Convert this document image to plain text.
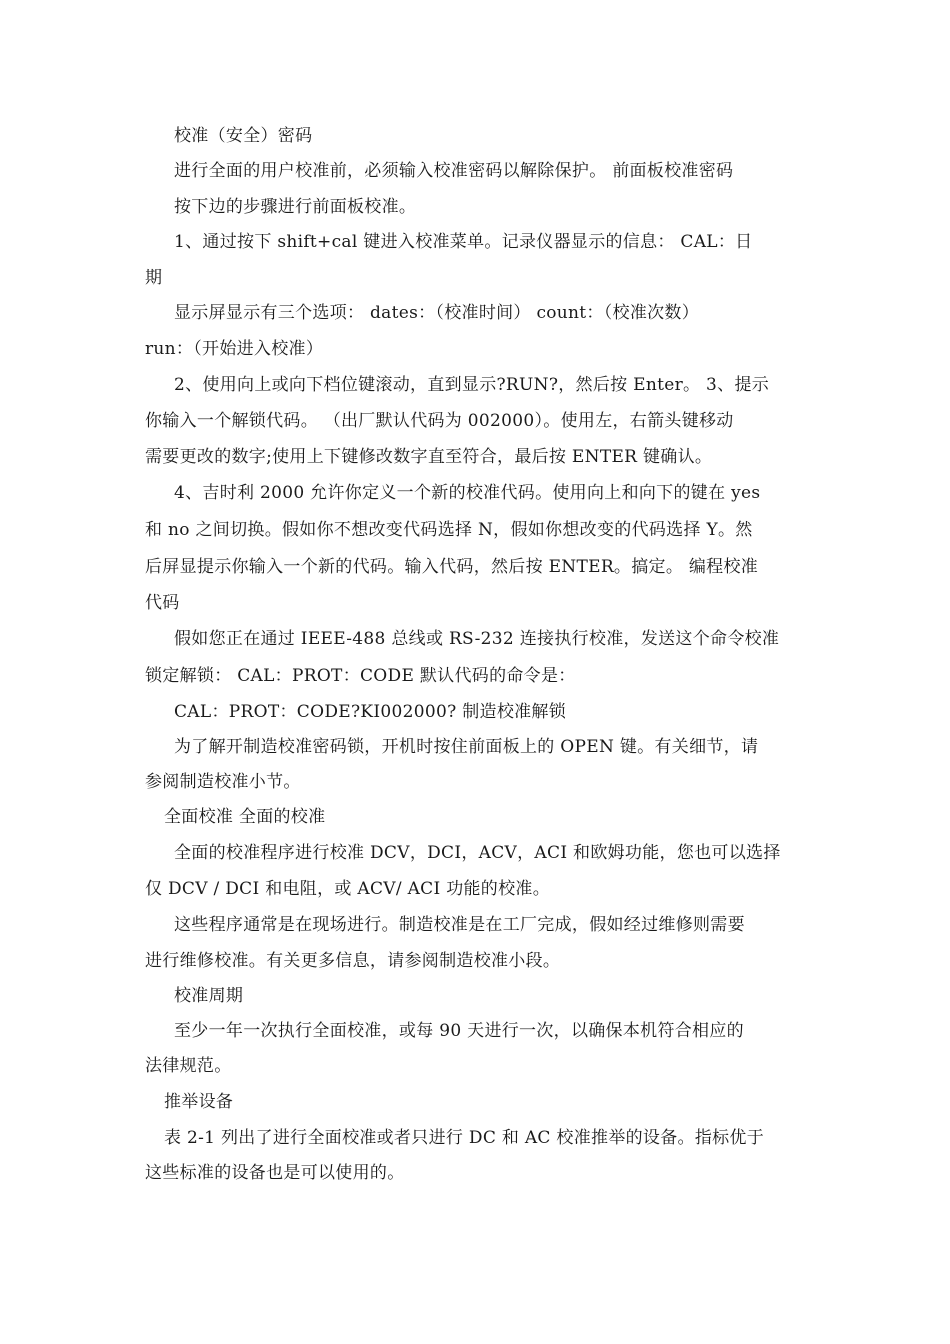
校准（安全）密码
进行全面的用户校准前，必须输入校准密码以解除保护。 前面板校准密码
按下边的步骤进行前面板校准。
1、通过按下 shift+cal 键进入校准菜单。记录仪器显示的信息： CAL：日
期
显示屏显示有三个选项： dates：（校准时间） count：（校准次数）
run：（开始进入校准）
2、使用向上或向下档位键滚动，直到显示?RUN?，然后按 Enter。 3、提示
你输入一个解锁代码。 （出厂默认代码为 002000）。使用左，右箭头键移动
需要更改的数字;使用上下键修改数字直至符合，最后按 ENTER 键确认。
4、吉时利 2000 允许你定义一个新的校准代码。使用向上和向下的键在 yes
和 no 之间切换。假如你不想改变代码选择 N，假如你想改变的代码选择 Y。然
后屏显提示你输入一个新的代码。输入代码，然后按 ENTER。搞定。 编程校准
代码
假如您正在通过 IEEE-488 总线或 RS-232 连接执行校准，发送这个命令校准
锁定解锁： CAL：PROT：CODE 默认代码的命令是：
CAL：PROT：CODE?KI002000? 制造校准解锁
为了解开制造校准密码锁，开机时按住前面板上的 OPEN 键。有关细节，请
参阅制造校准小节。
全面校准 全面的校准
全面的校准程序进行校准 DCV，DCI，ACV，ACI 和欧姆功能，您也可以选择
仅 DCV / DCI 和电阻，或 ACV/ ACI 功能的校准。
这些程序通常是在现场进行。制造校准是在工厂完成，假如经过维修则需要
进行维修校准。有关更多信息，请参阅制造校准小段。
校准周期
至少一年一次执行全面校准，或每 90 天进行一次，以确保本机符合相应的
法律规范。
推举设备
表 2-1 列出了进行全面校准或者只进行 DC 和 AC 校准推举的设备。指标优于
这些标准的设备也是可以使用的。
